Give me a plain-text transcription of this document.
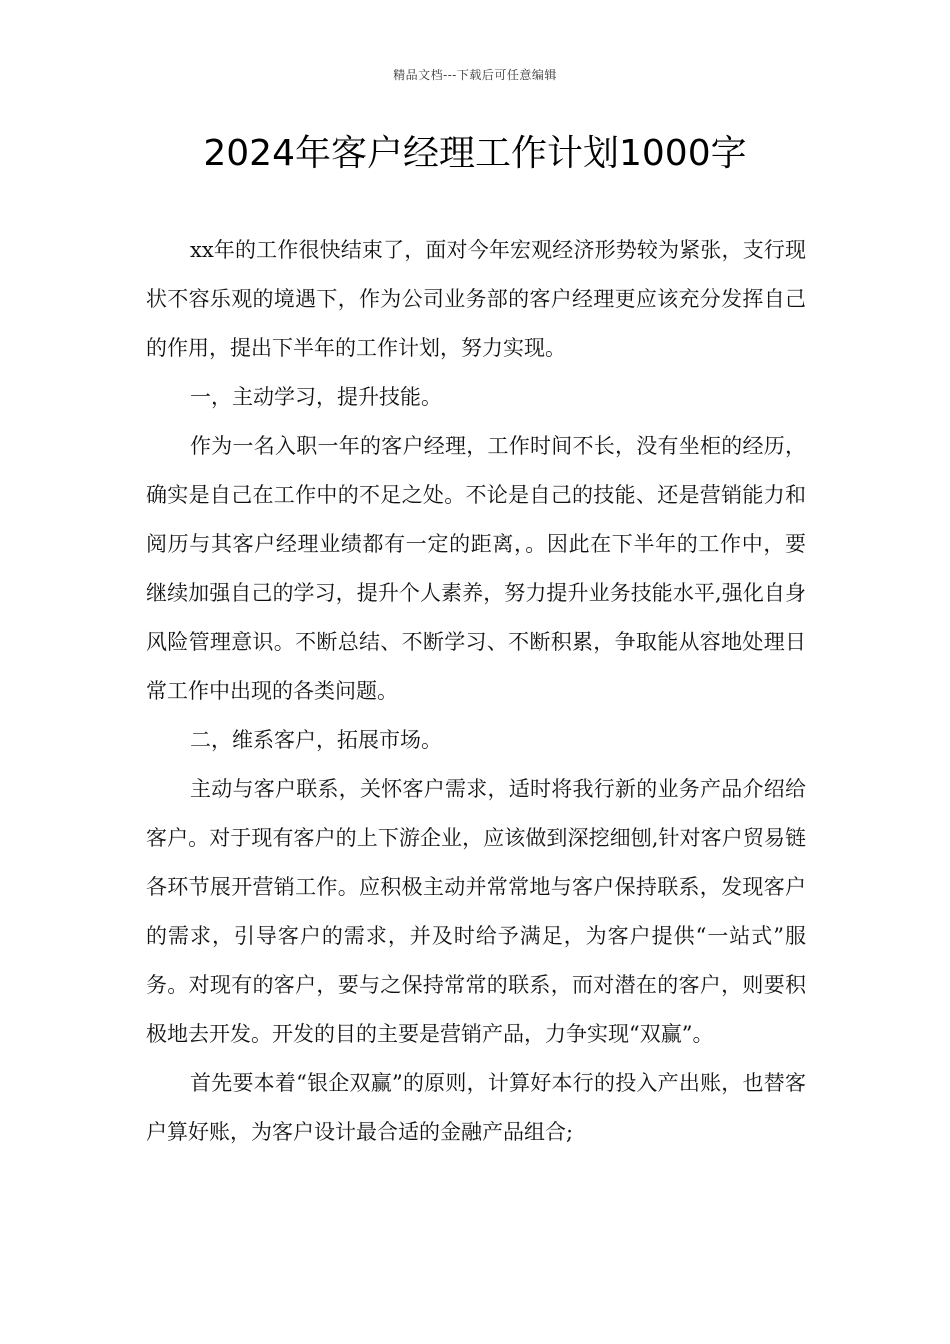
精品文档---下载后可任意编辑
2024年客户经理工作计划1000字

xx年的工作很快结束了，面对今年宏观经济形势较为紧张，支行现状不容乐观的境遇下，作为公司业务部的客户经理更应该充分发挥自己的作用，提出下半年的工作计划，努力实现。

一，主动学习，提升技能。

作为一名入职一年的客户经理，工作时间不长，没有坐柜的经历，确实是自己在工作中的不足之处。不论是自己的技能、还是营销能力和阅历与其客户经理业绩都有一定的距离，。因此在下半年的工作中，要继续加强自己的学习，提升个人素养，努力提升业务技能水平,强化自身风险管理意识。不断总结、不断学习、不断积累，争取能从容地处理日常工作中出现的各类问题。

二，维系客户，拓展市场。

主动与客户联系，关怀客户需求，适时将我行新的业务产品介绍给客户。对于现有客户的上下游企业，应该做到深挖细刨,针对客户贸易链各环节展开营销工作。应积极主动并常常地与客户保持联系，发现客户的需求，引导客户的需求，并及时给予满足，为客户提供“一站式”服务。对现有的客户，要与之保持常常的联系，而对潜在的客户，则要积极地去开发。开发的目的主要是营销产品，力争实现“双赢”。

首先要本着“银企双赢”的原则，计算好本行的投入产出账，也替客户算好账，为客户设计最合适的金融产品组合;
